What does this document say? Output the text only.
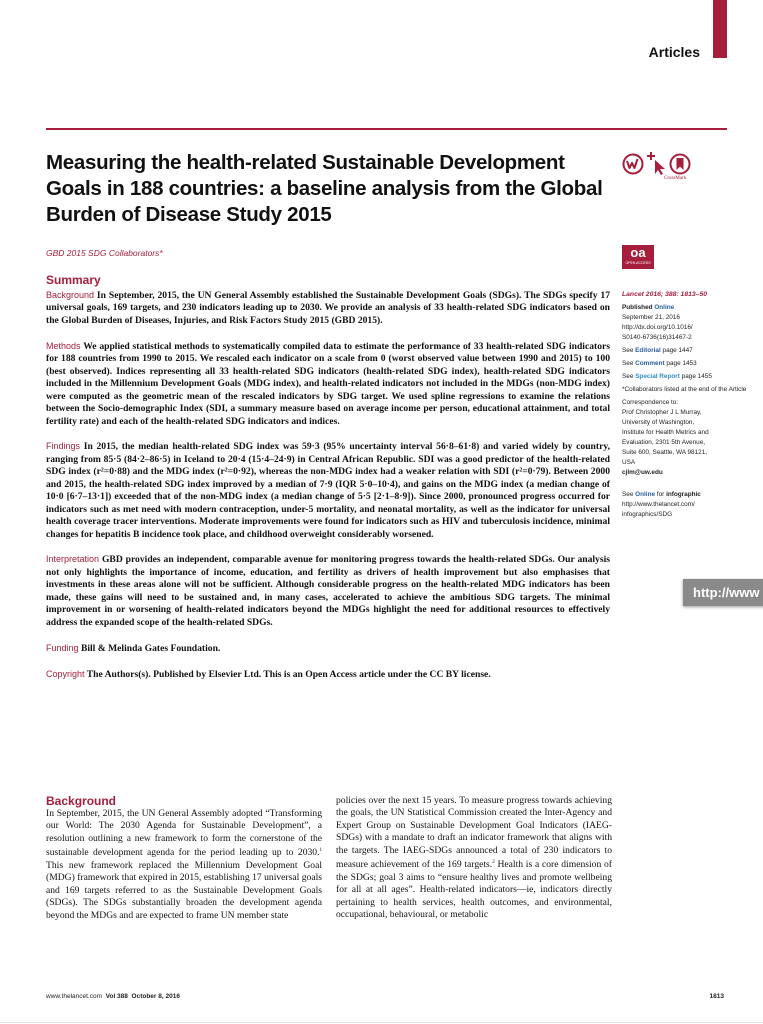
Articles
Measuring the health-related Sustainable Development Goals in 188 countries: a baseline analysis from the Global Burden of Disease Study 2015
GBD 2015 SDG Collaborators*
CrossMark
oa
OPEN ACCESS
Summary

Background In September, 2015, the UN General Assembly established the Sustainable Development Goals (SDGs). The SDGs specify 17 universal goals, 169 targets, and 230 indicators leading up to 2030. We provide an analysis of 33 health-related SDG indicators based on the Global Burden of Diseases, Injuries, and Risk Factors Study 2015 (GBD 2015).

Methods We applied statistical methods to systematically compiled data to estimate the performance of 33 health-related SDG indicators for 188 countries from 1990 to 2015. We rescaled each indicator on a scale from 0 (worst observed value between 1990 and 2015) to 100 (best observed). Indices representing all 33 health-related SDG indicators (health-related SDG index), health-related SDG indicators included in the Millennium Development Goals (MDG index), and health-related indicators not included in the MDGs (non-MDG index) were computed as the geometric mean of the rescaled indicators by SDG target. We used spline regressions to examine the relations between the Socio-demographic Index (SDI, a summary measure based on average income per person, educational attainment, and total fertility rate) and each of the health-related SDG indicators and indices.

Findings In 2015, the median health-related SDG index was 59·3 (95% uncertainty interval 56·8–61·8) and varied widely by country, ranging from 85·5 (84·2–86·5) in Iceland to 20·4 (15·4–24·9) in Central African Republic. SDI was a good predictor of the health-related SDG index (r²=0·88) and the MDG index (r²=0·92), whereas the non-MDG index had a weaker relation with SDI (r²=0·79). Between 2000 and 2015, the health-related SDG index improved by a median of 7·9 (IQR 5·0–10·4), and gains on the MDG index (a median change of 10·0 [6·7–13·1]) exceeded that of the non-MDG index (a median change of 5·5 [2·1–8·9]). Since 2000, pronounced progress occurred for indicators such as met need with modern contraception, under-5 mortality, and neonatal mortality, as well as the indicator for universal health coverage tracer interventions. Moderate improvements were found for indicators such as HIV and tuberculosis incidence, minimal changes for hepatitis B incidence took place, and childhood overweight considerably worsened.

Interpretation GBD provides an independent, comparable avenue for monitoring progress towards the health-related SDGs. Our analysis not only highlights the importance of income, education, and fertility as drivers of health improvement but also emphasises that investments in these areas alone will not be sufficient. Although considerable progress on the health-related MDG indicators has been made, these gains will need to be sustained and, in many cases, accelerated to achieve the ambitious SDG targets. The minimal improvement in or worsening of health-related indicators beyond the MDGs highlight the need for additional resources to effectively address the expanded scope of the health-related SDGs.

Funding Bill & Melinda Gates Foundation.

Copyright The Authors(s). Published by Elsevier Ltd. This is an Open Access article under the CC BY license.

Lancet 2016; 388: 1813–50
Published Online
September 21, 2016
http://dx.doi.org/10.1016/
S0140-6736(16)31467-2
See Editorial page 1447
See Comment page 1453
See Special Report page 1455
*Collaborators listed at the end of the Article
Correspondence to:
Prof Christopher J L Murray,
University of Washington,
Institute for Health Metrics and
Evaluation, 2301 5th Avenue,
Suite 600, Seattle, WA 98121,
USA
cjlm@uw.edu
See Online for infographic
http://www.thelancet.com/
infographics/SDG
http://www
Background
In September, 2015, the UN General Assembly adopted “Transforming our World: The 2030 Agenda for Sustainable Development”, a resolution outlining a new framework to form the cornerstone of the sustainable development agenda for the period leading up to 2030.$^1$ This new framework replaced the Millennium Development Goal (MDG) framework that expired in 2015, establishing 17 universal goals and 169 targets referred to as the Sustainable Development Goals (SDGs). The SDGs substantially broaden the development agenda beyond the MDGs and are expected to frame UN member state
policies over the next 15 years. To measure progress towards achieving the goals, the UN Statistical Commission created the Inter-Agency and Expert Group on Sustainable Development Goal Indicators (IAEG-SDGs) with a mandate to draft an indicator framework that aligns with the targets. The IAEG-SDGs announced a total of 230 indicators to measure achievement of the 169 targets.$^2$ Health is a core dimension of the SDGs; goal 3 aims to “ensure healthy lives and promote wellbeing for all at all ages”. Health-related indicators—ie, indicators directly pertaining to health services, health outcomes, and environmental, occupational, behavioural, or metabolic
www.thelancet.com Vol 388 October 8, 2016	1813
